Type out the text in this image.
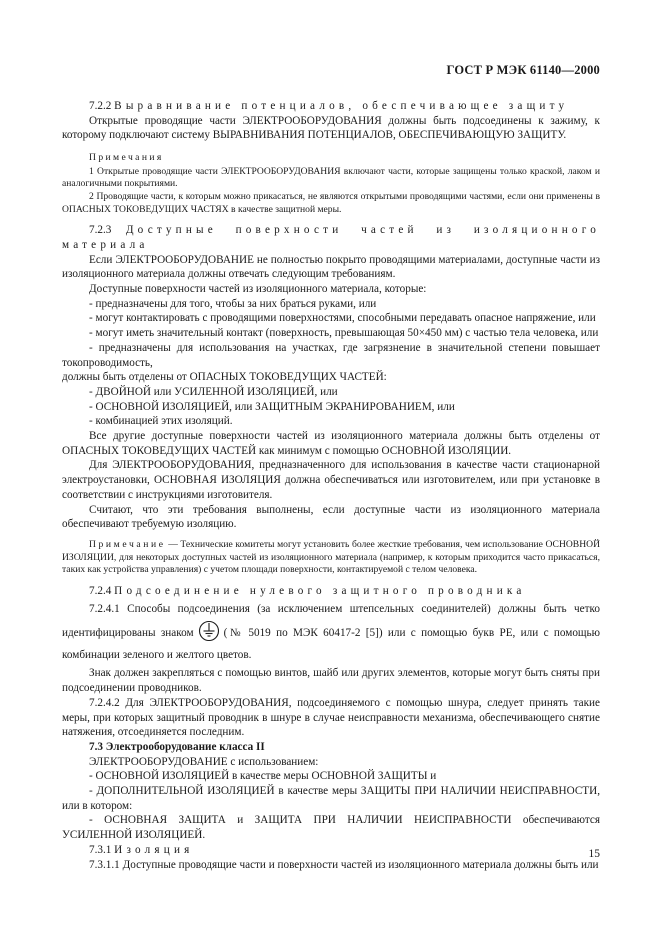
ГОСТ Р МЭК 61140—2000

7.2.2 Выравнивание потенциалов, обеспечивающее защиту

Открытые проводящие части ЭЛЕКТРООБОРУДОВАНИЯ должны быть подсоединены к зажиму, к которому подключают систему ВЫРАВНИВАНИЯ ПОТЕНЦИАЛОВ, ОБЕСПЕЧИВАЮЩУЮ ЗАЩИТУ.

Примечания

1 Открытые проводящие части ЭЛЕКТРООБОРУДОВАНИЯ включают части, которые защищены только краской, лаком и аналогичными покрытиями.

2 Проводящие части, к которым можно прикасаться, не являются открытыми проводящими частями, если они применены в ОПАСНЫХ ТОКОВЕДУЩИХ ЧАСТЯХ в качестве защитной меры.

7.2.3 Доступные поверхности частей из изоляционного материала

Если ЭЛЕКТРООБОРУДОВАНИЕ не полностью покрыто проводящими материалами, доступные части из изоляционного материала должны отвечать следующим требованиям.

Доступные поверхности частей из изоляционного материала, которые:

- предназначены для того, чтобы за них браться руками, или

- могут контактировать с проводящими поверхностями, способными передавать опасное напряжение, или

- могут иметь значительный контакт (поверхность, превышающая 50×450 мм) с частью тела человека, или

- предназначены для использования на участках, где загрязнение в значительной степени повышает токопроводимость,

должны быть отделены от ОПАСНЫХ ТОКОВЕДУЩИХ ЧАСТЕЙ:

- ДВОЙНОЙ или УСИЛЕННОЙ ИЗОЛЯЦИЕЙ, или

- ОСНОВНОЙ ИЗОЛЯЦИЕЙ, или ЗАЩИТНЫМ ЭКРАНИРОВАНИЕМ, или

- комбинацией этих изоляций.

Все другие доступные поверхности частей из изоляционного материала должны быть отделены от ОПАСНЫХ ТОКОВЕДУЩИХ ЧАСТЕЙ как минимум с помощью ОСНОВНОЙ ИЗОЛЯЦИИ.

Для ЭЛЕКТРООБОРУДОВАНИЯ, предназначенного для использования в качестве части стационарной электроустановки, ОСНОВНАЯ ИЗОЛЯЦИЯ должна обеспечиваться или изготовителем, или при установке в соответствии с инструкциями изготовителя.

Считают, что эти требования выполнены, если доступные части из изоляционного материала обеспечивают требуемую изоляцию.

Примечание — Технические комитеты могут установить более жесткие требования, чем использование ОСНОВНОЙ ИЗОЛЯЦИИ, для некоторых доступных частей из изоляционного материала (например, к которым приходится часто прикасаться, таких как устройства управления) с учетом площади поверхности, контактируемой с телом человека.

7.2.4 Подсоединение нулевого защитного проводника

7.2.4.1 Способы подсоединения (за исключением штепсельных соединителей) должны быть четко идентифицированы знаком	(№ 5019 по МЭК 60417-2 [5]) или с помощью букв PE, или с помощью комбинации зеленого и желтого цветов.

Знак должен закрепляться с помощью винтов, шайб или других элементов, которые могут быть сняты при подсоединении проводников.

7.2.4.2 Для ЭЛЕКТРООБОРУДОВАНИЯ, подсоединяемого с помощью шнура, следует принять такие меры, при которых защитный проводник в шнуре в случае неисправности механизма, обеспечивающего снятие натяжения, отсоединяется последним.

7.3 Электрооборудование класса II

ЭЛЕКТРООБОРУДОВАНИЕ с использованием:

- ОСНОВНОЙ ИЗОЛЯЦИЕЙ в качестве меры ОСНОВНОЙ ЗАЩИТЫ и

- ДОПОЛНИТЕЛЬНОЙ ИЗОЛЯЦИЕЙ в качестве меры ЗАЩИТЫ ПРИ НАЛИЧИИ НЕИСПРАВНОСТИ, или в котором:

- ОСНОВНАЯ ЗАЩИТА и ЗАЩИТА ПРИ НАЛИЧИИ НЕИСПРАВНОСТИ обеспечиваются УСИЛЕННОЙ ИЗОЛЯЦИЕЙ.

7.3.1 Изоляция

7.3.1.1 Доступные проводящие части и поверхности частей из изоляционного материала должны быть или

15
